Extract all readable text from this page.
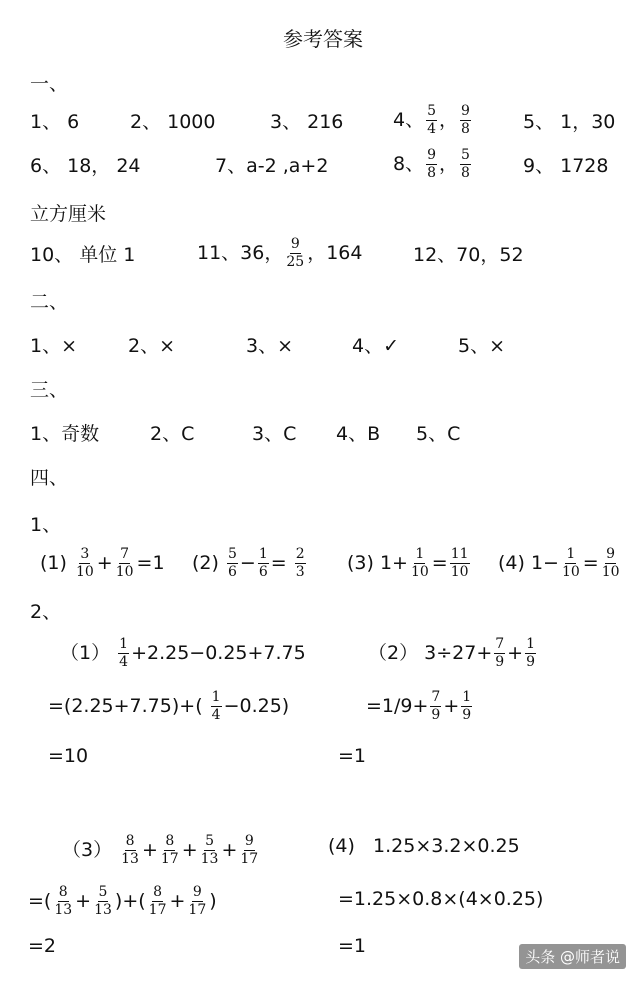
参考答案
一、
1、 6	2、 1000	3、 216	4、 $\frac{5}{4}$ ， $\frac{9}{8}$	5、 1，30
6、 18， 24	7、a-2 ,a+2	8、 $\frac{9}{8}$ ， $\frac{5}{8}$	9、 1728
立方厘米
10、 单位 1	11、36， $\frac{9}{25}$ ，164	12、70，52
二、
1、×	2、×	3、×	4、✓	5、×
三、
1、奇数	2、C	3、C 4、B 5、C
四、
1、
$(1) \frac{3}{10} + \frac{7}{10} =1$ $(2) \frac{5}{6} - \frac{1}{6} = \frac{2}{3} (3)$ $1+ \frac{1}{10} = \frac{11}{10} (4)$ $1- \frac{1}{10} = \frac{9}{10}$
2、
$(1) \frac{1}{4} +2.25-0.25+7.75$
$=(2.25+7.75)+( \frac{1}{4} -0.25)$
=10
（2） $3\div 27+ \frac{7}{9} + \frac{1}{9}$
$=1/9+ \frac{7}{9} + \frac{1}{9}$
=1
$(3) \frac{8}{13} + \frac{8}{17} + \frac{5}{13} + \frac{9}{17}$
=( $\frac{8}{13} + \frac{5}{13}$ )+( $\frac{8}{17} + \frac{9}{17}$ )
=2
(4) 1.25×3.2×0.25
=1.25×0.8×(4×0.25)
=1	头条 @师者说
